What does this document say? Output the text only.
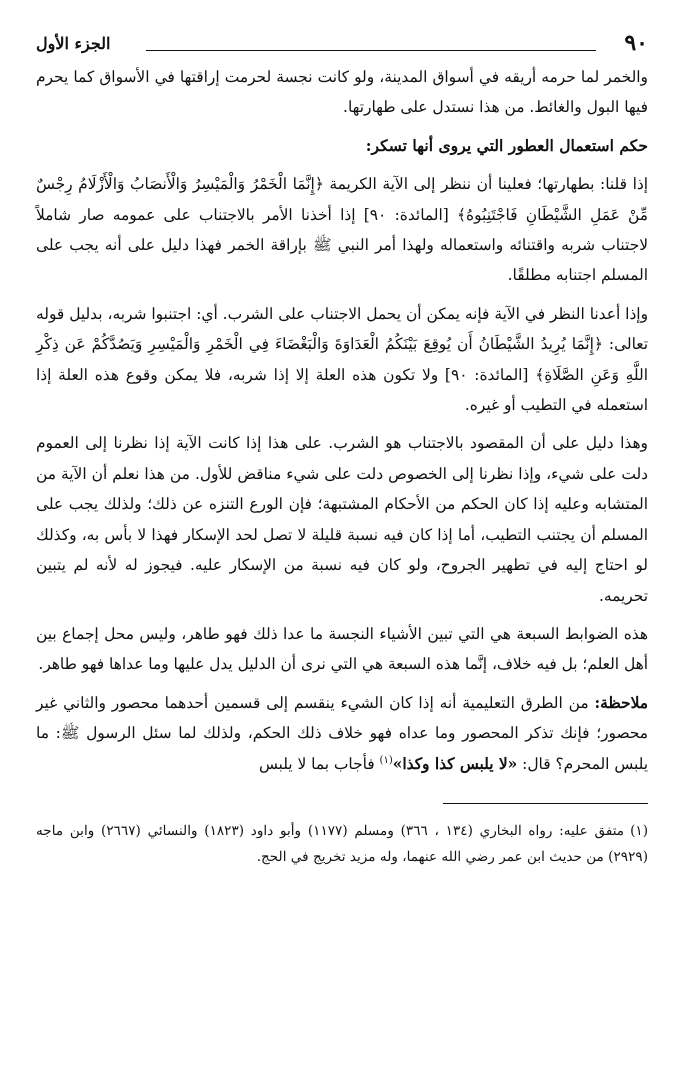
٩٠
الجزء الأول

والخمر لما حرمه أريقه في أسواق المدينة، ولو كانت نجسة لحرمت إراقتها في الأسواق كما يحرم فيها البول والغائط. من هذا نستدل على طهارتها.

حكم استعمال العطور التي يروى أنها تسكر:

إذا قلنا: بطهارتها؛ فعلينا أن ننظر إلى الآية الكريمة ﴿إِنَّمَا الْخَمْرُ وَالْمَيْسِرُ وَالْأَنصَابُ وَالْأَزْلَامُ رِجْسٌ مِّنْ عَمَلِ الشَّيْطَانِ فَاجْتَنِبُوهُ﴾ [المائدة: ٩٠] إذا أخذنا الأمر بالاجتناب على عمومه صار شاملاً لاجتناب شربه واقتنائه واستعماله ولهذا أمر النبي ﷺ بإراقة الخمر فهذا دليل على أنه يجب على المسلم اجتنابه مطلقًا.

وإذا أعدنا النظر في الآية فإنه يمكن أن يحمل الاجتناب على الشرب. أي: اجتنبوا شربه، بدليل قوله تعالى: ﴿إِنَّمَا يُرِيدُ الشَّيْطَانُ أَن يُوقِعَ بَيْنَكُمُ الْعَدَاوَةَ وَالْبَغْضَاءَ فِي الْخَمْرِ وَالْمَيْسِرِ وَيَصُدَّكُمْ عَن ذِكْرِ اللَّهِ وَعَنِ الصَّلَاةِ﴾ [المائدة: ٩٠] ولا تكون هذه العلة إلا إذا شربه، فلا يمكن وقوع هذه العلة إذا استعمله في التطيب أو غيره.

وهذا دليل على أن المقصود بالاجتناب هو الشرب. على هذا إذا كانت الآية إذا نظرنا إلى العموم دلت على شيء، وإذا نظرنا إلى الخصوص دلت على شيء مناقض للأول. من هذا نعلم أن الآية من المتشابه وعليه إذا كان الحكم من الأحكام المشتبهة؛ فإن الورع التنزه عن ذلك؛ ولذلك يجب على المسلم أن يجتنب التطيب، أما إذا كان فيه نسبة قليلة لا تصل لحد الإسكار فهذا لا بأس به، وكذلك لو احتاج إليه في تطهير الجروح، ولو كان فيه نسبة من الإسكار عليه. فيجوز له لأنه لم يتبين تحريمه.

هذه الضوابط السبعة هي التي تبين الأشياء النجسة ما عدا ذلك فهو طاهر، وليس محل إجماع بين أهل العلم؛ بل فيه خلاف، إنَّما هذه السبعة هي التي نرى أن الدليل يدل عليها وما عداها فهو طاهر.

ملاحظة: من الطرق التعليمية أنه إذا كان الشيء ينقسم إلى قسمين أحدهما محصور والثاني غير محصور؛ فإنك تذكر المحصور وما عداه فهو خلاف ذلك الحكم، ولذلك لما سئل الرسول ﷺ: ما يلبس المحرم؟ قال: «لا يلبس كذا وكذا»$^{(١)}$ فأجاب بما لا يلبس

(١)متفق عليه: رواه البخاري (١٣٤ ، ٣٦٦) ومسلم (١١٧٧) وأبو داود (١٨٢٣) والنسائي (٢٦٦٧) وابن ماجه (٢٩٢٩) من حديث ابن عمر رضي الله عنهما، وله مزيد تخريج في الحج.
